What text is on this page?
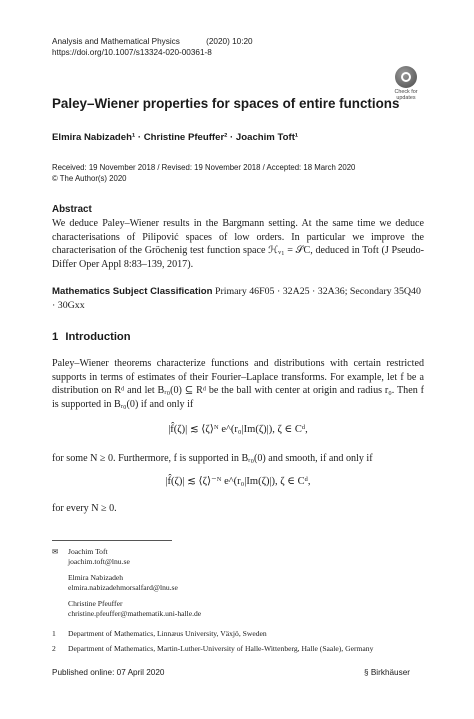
Analysis and Mathematical Physics	(2020) 10:20
https://doi.org/10.1007/s13324-020-00361-8
Check for
updates
Paley–Wiener properties for spaces of entire functions
Elmira Nabizadeh¹ · Christine Pfeuffer² · Joachim Toft¹
Received: 19 November 2018 / Revised: 19 November 2018 / Accepted: 18 March 2020
© The Author(s) 2020
Abstract
We deduce Paley–Wiener results in the Bargmann setting. At the same time we deduce characterisations of Pilipović spaces of low orders. In particular we improve the characterisation of the Gröchenig test function space ℋᵥ₁ = 𝒮C, deduced in Toft (J Pseudo-Differ Oper Appl 8:83–139, 2017).
Mathematics Subject Classification Primary 46F05 · 32A25 · 32A36; Secondary 35Q40 · 30Gxx
1 Introduction
Paley–Wiener theorems characterize functions and distributions with certain restricted supports in terms of estimates of their Fourier–Laplace transforms. For example, let f be a distribution on Rᵈ and let Bᵣ₀(0) ⊆ Rᵈ be the ball with center at origin and radius r₀. Then f is supported in Bᵣ₀(0) if and only if
|f̂(ζ)| ≲ ⟨ζ⟩ᴺ e^(r₀|Im(ζ)|), ζ ∈ Cᵈ,
for some N ≥ 0. Furthermore, f is supported in Bᵣ₀(0) and smooth, if and only if
|f̂(ζ)| ≲ ⟨ζ⟩⁻ᴺ e^(r₀|Im(ζ)|), ζ ∈ Cᵈ,
for every N ≥ 0.
✉ Joachim Toft
joachim.toft@lnu.se

Elmira Nabizadeh
elmira.nabizadehmorsalfard@lnu.se

Christine Pfeuffer
christine.pfeuffer@mathematik.uni-halle.de
1 Department of Mathematics, Linnæus University, Växjö, Sweden
2 Department of Mathematics, Martin-Luther-University of Halle-Wittenberg, Halle (Saale), Germany
Published online: 07 April 2020	§ Birkhäuser
